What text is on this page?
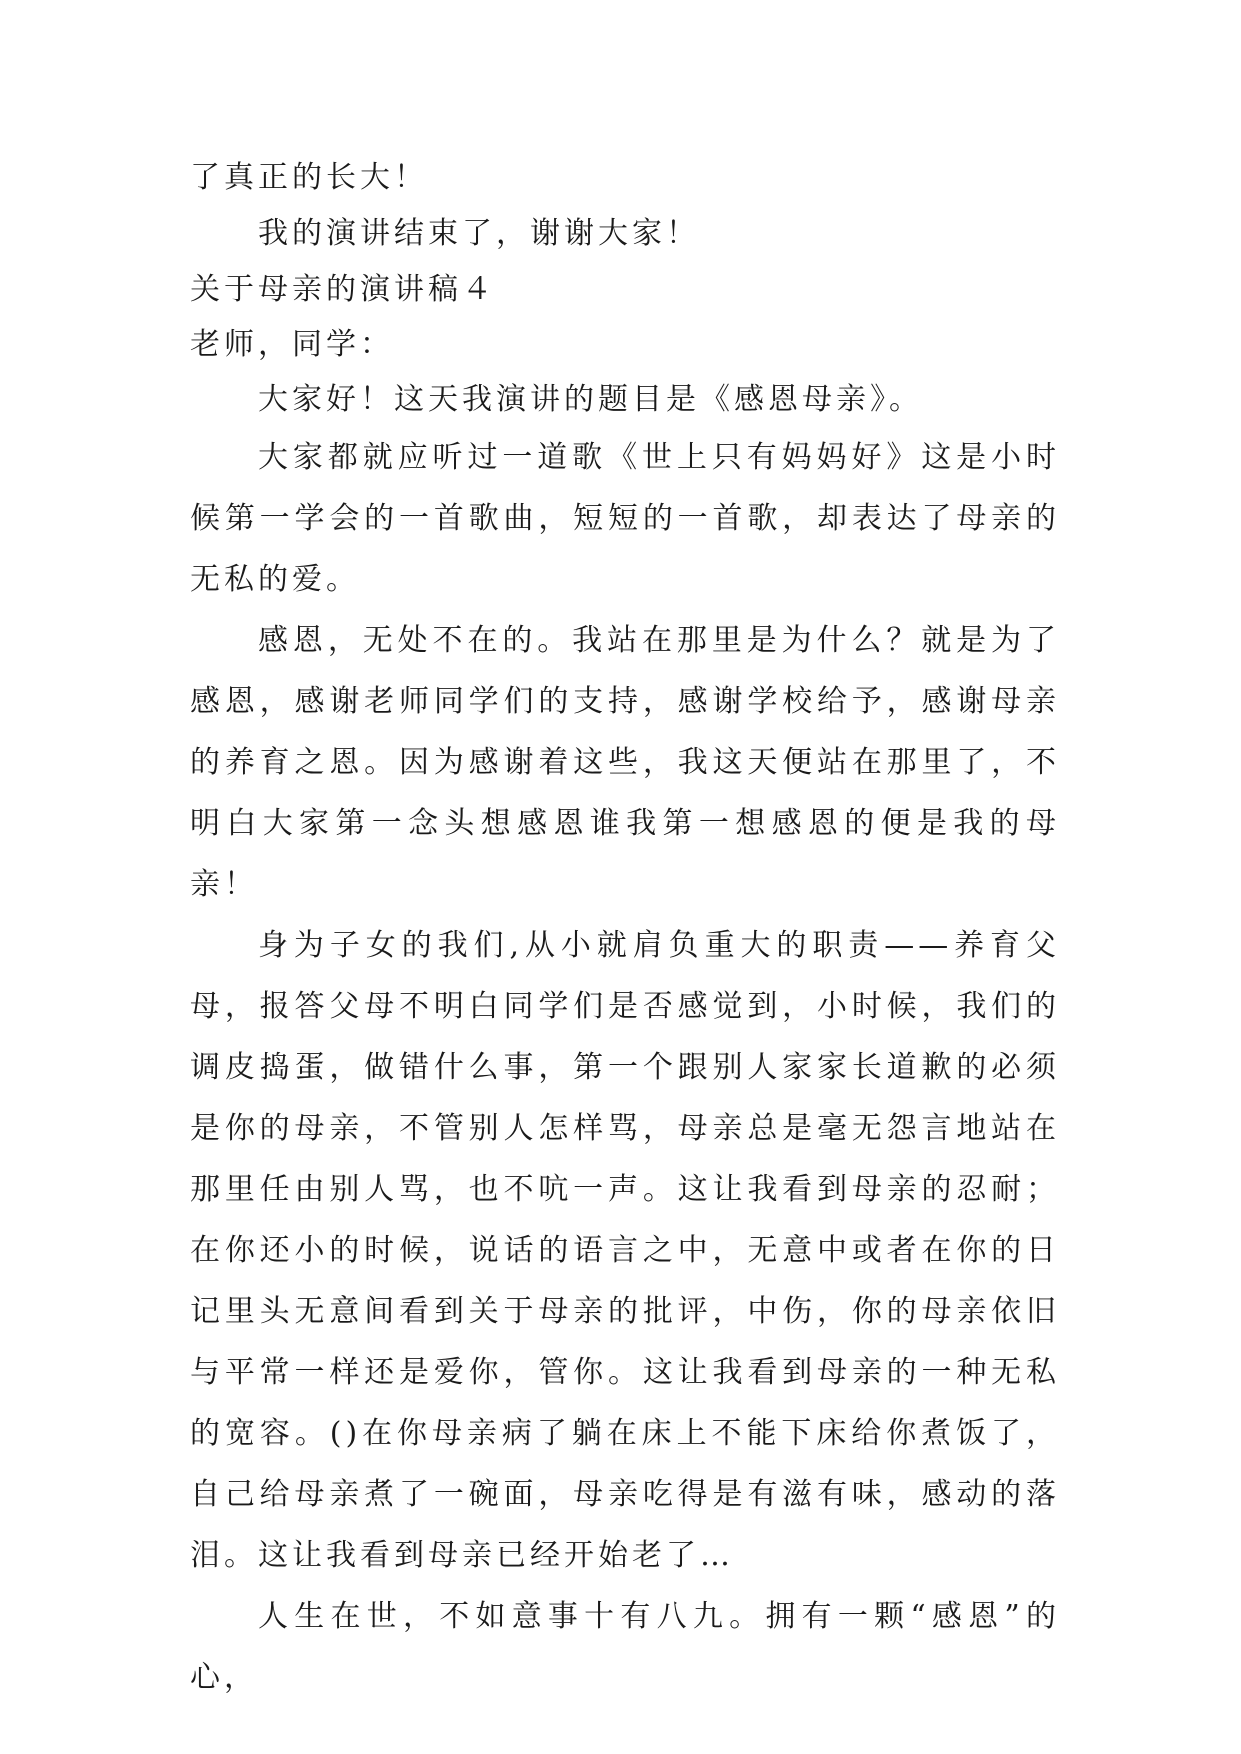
了真正的长大！

我的演讲结束了，谢谢大家！

关于母亲的演讲稿４

老师，同学：

大家好！这天我演讲的题目是《感恩母亲》。

大家都就应听过一道歌《世上只有妈妈好》这是小时候第一学会的一首歌曲，短短的一首歌，却表达了母亲的无私的爱。

感恩，无处不在的。我站在那里是为什么？就是为了感恩，感谢老师同学们的支持，感谢学校给予，感谢母亲的养育之恩。因为感谢着这些，我这天便站在那里了，不明白大家第一念头想感恩谁我第一想感恩的便是我的母亲！

身为子女的我们,从小就肩负重大的职责——养育父母，报答父母不明白同学们是否感觉到，小时候，我们的调皮捣蛋，做错什么事，第一个跟别人家家长道歉的必须是你的母亲，不管别人怎样骂，母亲总是毫无怨言地站在那里任由别人骂，也不吭一声。这让我看到母亲的忍耐；在你还小的时候，说话的语言之中，无意中或者在你的日记里头无意间看到关于母亲的批评，中伤，你的母亲依旧与平常一样还是爱你，管你。这让我看到母亲的一种无私的宽容。()在你母亲病了躺在床上不能下床给你煮饭了，自己给母亲煮了一碗面，母亲吃得是有滋有味，感动的落泪。这让我看到母亲已经开始老了…

人生在世，不如意事十有八九。拥有一颗“感恩”的心，
